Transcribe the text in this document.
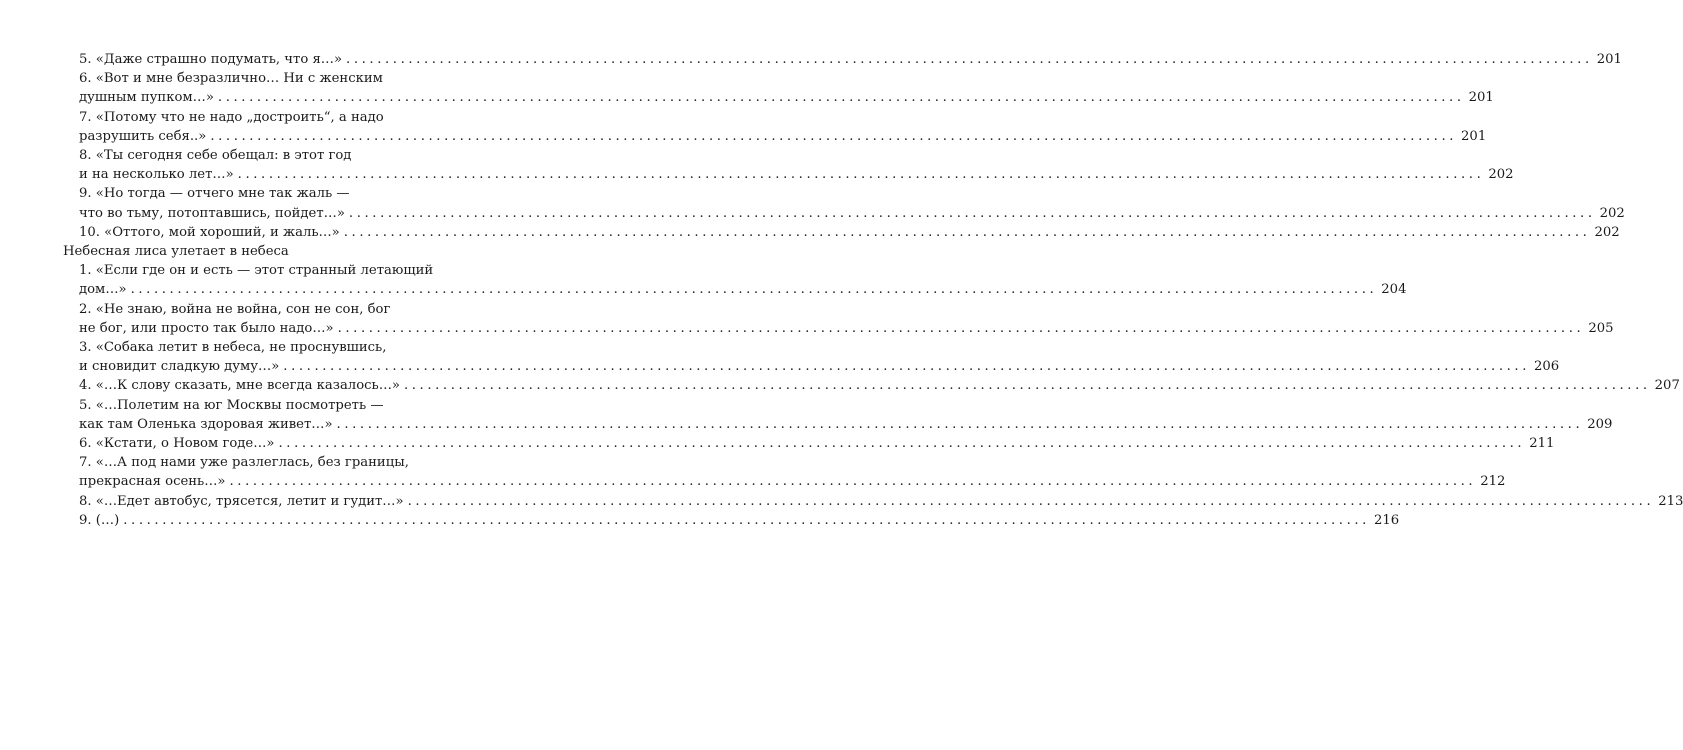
5. «Даже страшно подумать, что я…» ................................................................................................................................................................ 201
6. «Вот и мне безразлично… Ни с женским
душным пупком…» ................................................................................................................................................................ 201
7. «Потому что не надо „достроить“, а надо
разрушить себя..» ................................................................................................................................................................ 201
8. «Ты сегодня себе обещал: в этот год
и на несколько лет…» ................................................................................................................................................................ 202
9. «Но тогда — отчего мне так жаль —
что во тьму, потоптавшись, пойдет…» ................................................................................................................................................................ 202
10. «Оттого, мой хороший, и жаль…» ................................................................................................................................................................ 202
Небесная лиса улетает в небеса
1. «Если где он и есть — этот странный летающий
дом…» ................................................................................................................................................................ 204
2. «Не знаю, война не война, сон не сон, бог
не бог, или просто так было надо…» ................................................................................................................................................................ 205
3. «Собака летит в небеса, не проснувшись,
и сновидит сладкую думу…» ................................................................................................................................................................ 206
4. «…К слову сказать, мне всегда казалось…» ................................................................................................................................................................ 207
5. «…Полетим на юг Москвы посмотреть —
как там Оленька здоровая живет…» ................................................................................................................................................................ 209
6. «Кстати, о Новом годе…» ................................................................................................................................................................ 211
7. «…А под нами уже разлеглась, без границы,
прекрасная осень…» ................................................................................................................................................................ 212
8. «…Едет автобус, трясется, летит и гудит…» ................................................................................................................................................................ 213
9. (…) ................................................................................................................................................................ 216
